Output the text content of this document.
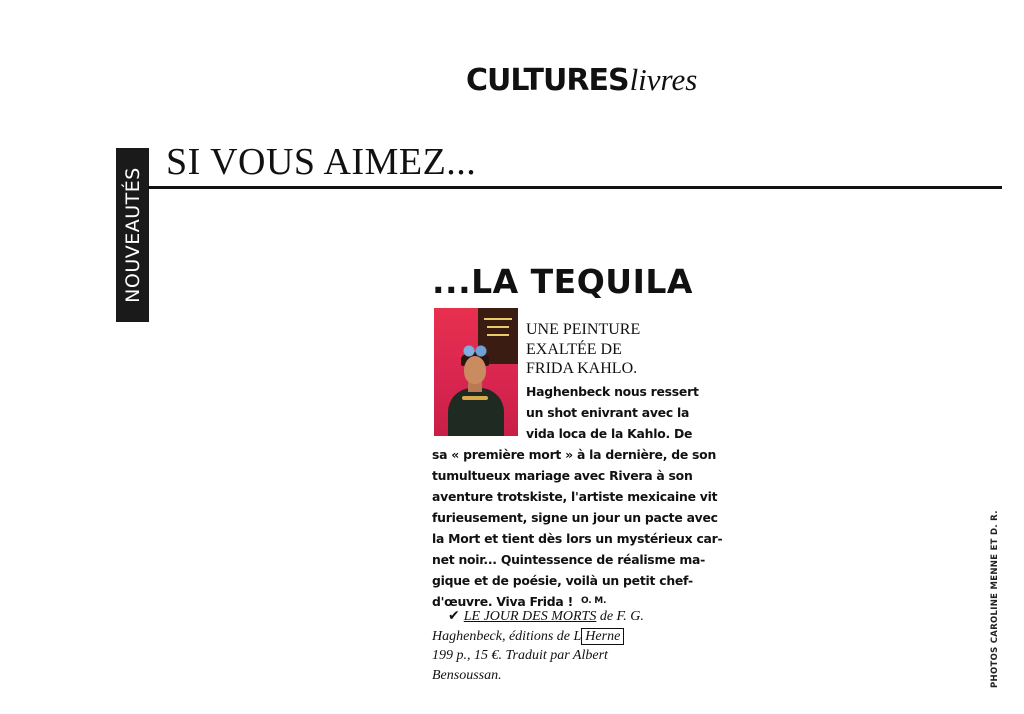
CULTURES livres
NOUVEAUTÉS
SI VOUS AIMEZ...
...LA TEQUILA
UNE PEINTURE
EXALTÉE DE
FRIDA KAHLO.
Haghenbeck nous ressert
un shot enivrant avec la
vida loca de la Kahlo. De
sa « première mort » à la dernière, de son
tumultueux mariage avec Rivera à son
aventure trotskiste, l'artiste mexicaine vit
furieusement, signe un jour un pacte avec
la Mort et tient dès lors un mystérieux car-
net noir... Quintessence de réalisme ma-
gique et de poésie, voilà un petit chef-
d'œuvre. Viva Frida ! O. M.
✔ LE JOUR DES MORTS de F. G.
Haghenbeck, éditions de L Herne
199 p., 15 €. Traduit par Albert
Bensoussan.	PHOTOS CAROLINE MENNE ET D. R.
